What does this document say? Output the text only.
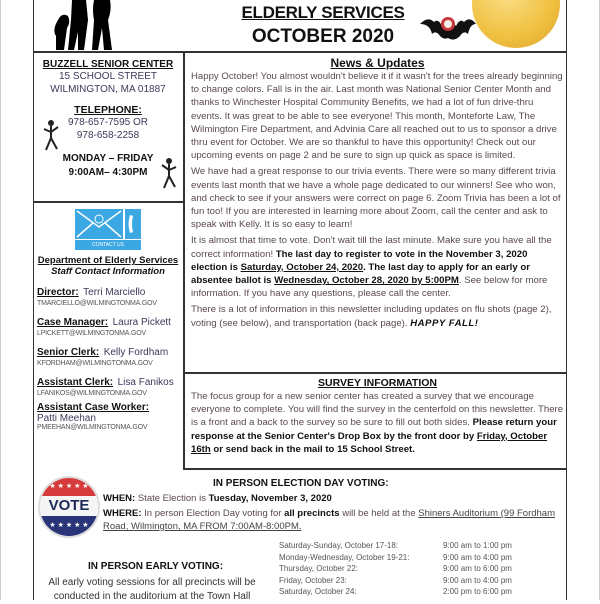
ELDERLY SERVICES
OCTOBER 2020
BUZZELL SENIOR CENTER
15 SCHOOL STREET
WILMINGTON, MA 01887
TELEPHONE:
978-657-7595 OR
978-658-2258
MONDAY – FRIDAY
9:00AM– 4:30PM
CONTACT US
Department of Elderly Services
Staff Contact Information
Director: Terri Marciello
TMARCIELLO@WILMINGTONMA.GOV
Case Manager: Laura Pickett
LPICKETT@WILMINGTONMA.GOV
Senior Clerk: Kelly Fordham
KFORDHAM@WILMINGTONMA.GOV
Assistant Clerk: Lisa Fanikos
LFANIKOS@WILMINGTONMA.GOV
Assistant Case Worker:
Patti Meehan
PMEEHAN@WILMINGTONMA.GOV
News & Updates

Happy October! You almost wouldn't believe it if it wasn't for the trees already beginning to change colors. Fall is in the air. Last month was National Senior Center Month and thanks to Winchester Hospital Community Benefits, we had a lot of fun drive-thru events. It was great to be able to see everyone! This month, Monteforte Law, The Wilmington Fire Department, and Advinia Care all reached out to us to sponsor a drive thru event for October. We are so thankful to have this opportunity! Check out our upcoming events on page 2 and be sure to sign up quick as space is limited.

We have had a great response to our trivia events. There were so many different trivia events last month that we have a whole page dedicated to our winners! See who won, and check to see if your answers were correct on page 6. Zoom Trivia has been a lot of fun too! If you are interested in learning more about Zoom, call the center and ask to speak with Kelly. It is so easy to learn!

It is almost that time to vote. Don't wait till the last minute. Make sure you have all the correct information! The last day to register to vote in the November 3, 2020 election is Saturday, October 24, 2020. The last day to apply for an early or absentee ballot is Wednesday, October 28, 2020 by 5:00PM. See below for more information. If you have any questions, please call the center.

There is a lot of information in this newsletter including updates on flu shots (page 2), voting (see below), and transportation (back page). HAPPY FALL!

SURVEY INFORMATION
The focus group for a new senior center has created a survey that we encourage everyone to complete. You will find the survey in the centerfold on this newsletter. There is a front and a back to the survey so be sure to fill out both sides. Please return your response at the Senior Center's Drop Box by the front door by Friday, October 16th or send back in the mail to 15 School Street.
★ ★ ★ ★ ★
VOTE
★ ★ ★ ★ ★
IN PERSON ELECTION DAY VOTING:
WHEN: State Election is Tuesday, November 3, 2020
WHERE: In person Election Day voting for all precincts will be held at the Shiners Auditorium (99 Fordham Road, Wilmington, MA FROM 7:00AM-8:00PM.
IN PERSON EARLY VOTING:
All early voting sessions for all precincts will be conducted in the auditorium at the Town Hall
Saturday-Sunday, October 17-18:	9:00 am to 1:00 pm
Monday-Wednesday, October 19-21:	9:00 am to 4:00 pm
Thursday, October 22:	9:00 am to 6:00 pm
Friday, October 23:	9:00 am to 4:00 pm
Saturday, October 24:	2:00 pm to 6:00 pm
